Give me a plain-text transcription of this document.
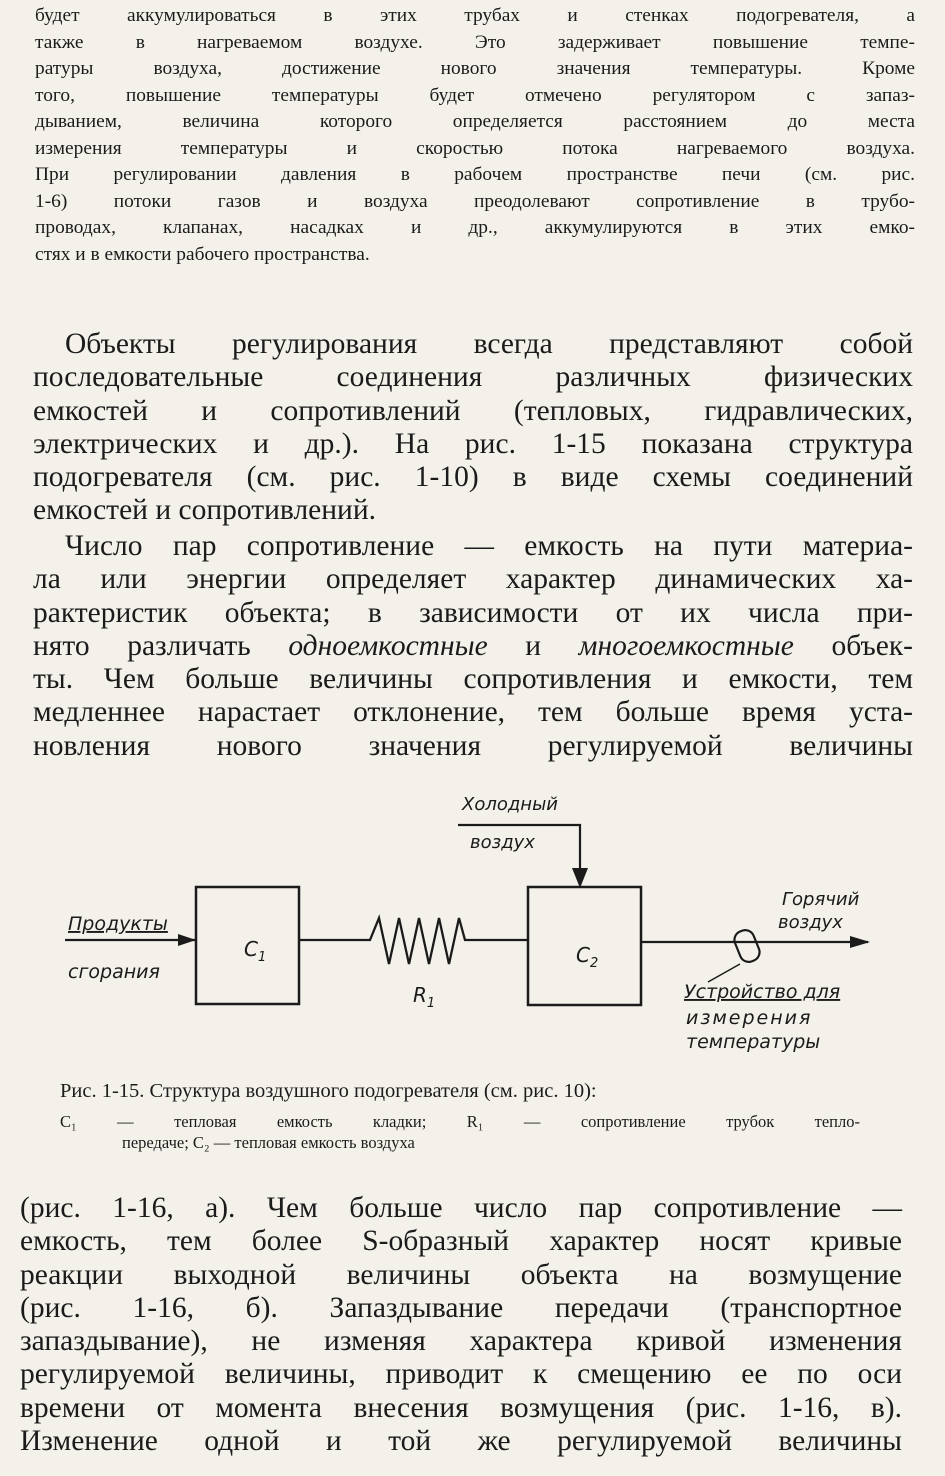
будет аккумулироваться в этих трубах и стенках подогревателя, а
также в нагреваемом воздухе. Это задерживает повышение темпе-
ратуры воздуха, достижение нового значения температуры. Кроме
того, повышение температуры будет отмечено регулятором с запаз-
дыванием, величина которого определяется расстоянием до места
измерения температуры и скоростью потока нагреваемого воздуха.
При регулировании давления в рабочем пространстве печи (см. рис.
1-6) потоки газов и воздуха преодолевают сопротивление в трубо-
проводах, клапанах, насадках и др., аккумулируются в этих емко-
стях и в емкости рабочего пространства.
Объекты регулирования всегда представляют собой
последовательные соединения различных физических
емкостей и сопротивлений (тепловых, гидравлических,
электрических и др.). На рис. 1-15 показана структура
подогревателя (см. рис. 1-10) в виде схемы соединений
емкостей и сопротивлений.
Число пар сопротивление — емкость на пути материа-
ла или энергии определяет характер динамических ха-
рактеристик объекта; в зависимости от их числа при-
нято различать одноемкостные и многоемкостные объек-
ты. Чем больше величины сопротивления и емкости, тем
медленнее нарастает отклонение, тем больше время уста-
новления нового значения регулируемой величины
Холодный
воздух
Продукты
сгорания
$C_1$
$R_1$
$C_2$
Горячий
воздух
Устройство для
измерения
температуры
Рис. 1-15. Структура воздушного подогревателя (см. рис. 10):
C₁ — тепловая емкость кладки; R₁ — сопротивление трубок тепло-
передаче; C₂ — тепловая емкость воздуха
(рис. 1-16, а). Чем больше число пар сопротивление —
емкость, тем более S-образный характер носят кривые
реакции выходной величины объекта на возмущение
(рис. 1-16, б). Запаздывание передачи (транспортное
запаздывание), не изменяя характера кривой изменения
регулируемой величины, приводит к смещению ее по оси
времени от момента внесения возмущения (рис. 1-16, в).
Изменение одной и той же регулируемой величины
